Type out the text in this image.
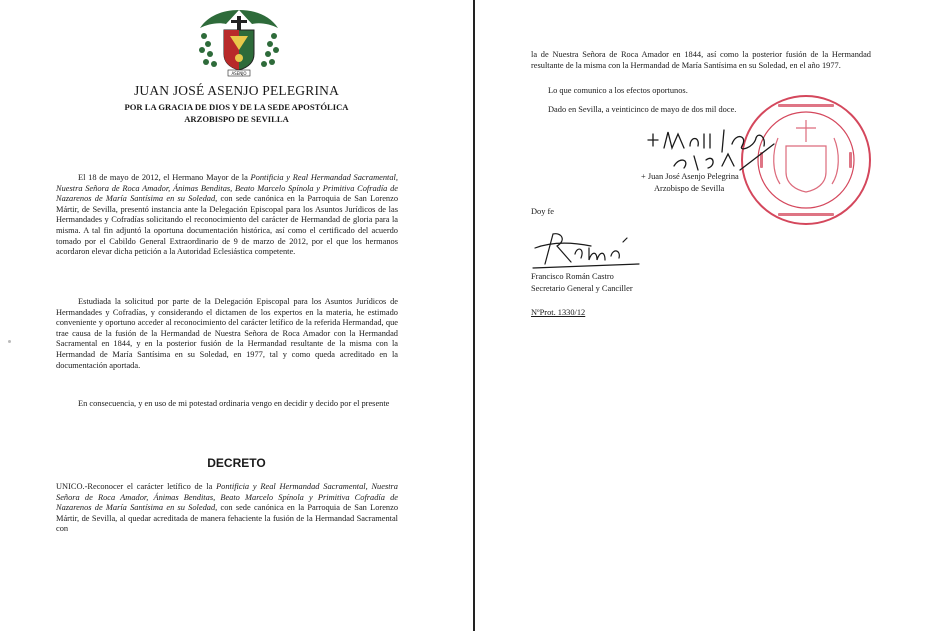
ASENJO
JUAN JOSÉ ASENJO PELEGRINA
POR LA GRACIA DE DIOS Y DE LA SEDE APOSTÓLICA
ARZOBISPO DE SEVILLA
El 18 de mayo de 2012, el Hermano Mayor de la Pontificia y Real Hermandad Sacramental, Nuestra Señora de Roca Amador, Ánimas Benditas, Beato Marcelo Spínola y Primitiva Cofradía de Nazarenos de María Santísima en su Soledad, con sede canónica en la Parroquia de San Lorenzo Mártir, de Sevilla, presentó instancia ante la Delegación Episcopal para los Asuntos Jurídicos de las Hermandades y Cofradías solicitando el reconocimiento del carácter de Hermandad de gloria para la misma. A tal fin adjuntó la oportuna documentación histórica, así como el certificado del acuerdo tomado por el Cabildo General Extraordinario de 9 de marzo de 2012, por el que los hermanos acordaron elevar dicha petición a la Autoridad Eclesiástica competente.
Estudiada la solicitud por parte de la Delegación Episcopal para los Asuntos Jurídicos de Hermandades y Cofradías, y considerando el dictamen de los expertos en la materia, he estimado conveniente y oportuno acceder al reconocimiento del carácter letífico de la referida Hermandad, que trae causa de la fusión de la Hermandad de Nuestra Señora de Roca Amador con la Hermandad Sacramental en 1844, y en la posterior fusión de la Hermandad resultante de la misma con la Hermandad de María Santísima en su Soledad, en 1977, tal y como queda acreditado en la documentación aportada.
En consecuencia, y en uso de mi potestad ordinaria vengo en decidir y decido por el presente
DECRETO
UNICO.-Reconocer el carácter letífico de la Pontificia y Real Hermandad Sacramental, Nuestra Señora de Roca Amador, Ánimas Benditas, Beato Marcelo Spínola y Primitiva Cofradía de Nazarenos de María Santísima en su Soledad, con sede canónica en la Parroquia de San Lorenzo Mártir, de Sevilla, al quedar acreditada de manera fehaciente la fusión de la Hermandad Sacramental con
la de Nuestra Señora de Roca Amador en 1844, así como la posterior fusión de la Hermandad resultante de la misma con la Hermandad de María Santísima en su Soledad, en el año 1977.
Lo que comunico a los efectos oportunos.
Dado en Sevilla, a veinticinco de mayo de dos mil doce.
+ Juan José Asenjo Pelegrina
Arzobispo de Sevilla
Doy fe
Francisco Román Castro
Secretario General y Canciller
NºProt. 1330/12
